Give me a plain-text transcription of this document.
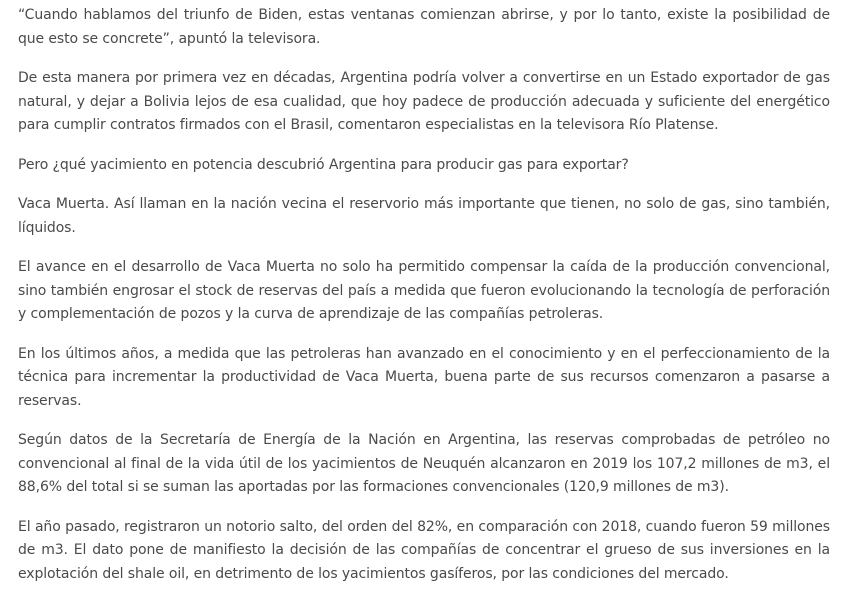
“Cuando hablamos del triunfo de Biden, estas ventanas comienzan abrirse, y por lo tanto, existe la posibilidad de que esto se concrete”, apuntó la televisora.

De esta manera por primera vez en décadas, Argentina podría volver a convertirse en un Estado exportador de gas natural, y dejar a Bolivia lejos de esa cualidad, que hoy padece de producción adecuada y suficiente del energético para cumplir contratos firmados con el Brasil, comentaron especialistas en la televisora Río Platense.

Pero ¿qué yacimiento en potencia descubrió Argentina para producir gas para exportar?

Vaca Muerta. Así llaman en la nación vecina el reservorio más importante que tienen, no solo de gas, sino también, líquidos.

El avance en el desarrollo de Vaca Muerta no solo ha permitido compensar la caída de la producción convencional, sino también engrosar el stock de reservas del país a medida que fueron evolucionando la tecnología de perforación y complementación de pozos y la curva de aprendizaje de las compañías petroleras.

En los últimos años, a medida que las petroleras han avanzado en el conocimiento y en el perfeccionamiento de la técnica para incrementar la productividad de Vaca Muerta, buena parte de sus recursos comenzaron a pasarse a reservas.

Según datos de la Secretaría de Energía de la Nación en Argentina, las reservas comprobadas de petróleo no convencional al final de la vida útil de los yacimientos de Neuquén alcanzaron en 2019 los 107,2 millones de m3, el 88,6% del total si se suman las aportadas por las formaciones convencionales (120,9 millones de m3).

El año pasado, registraron un notorio salto, del orden del 82%, en comparación con 2018, cuando fueron 59 millones de m3. El dato pone de manifiesto la decisión de las compañías de concentrar el grueso de sus inversiones en la explotación del shale oil, en detrimento de los yacimientos gasíferos, por las condiciones del mercado.
